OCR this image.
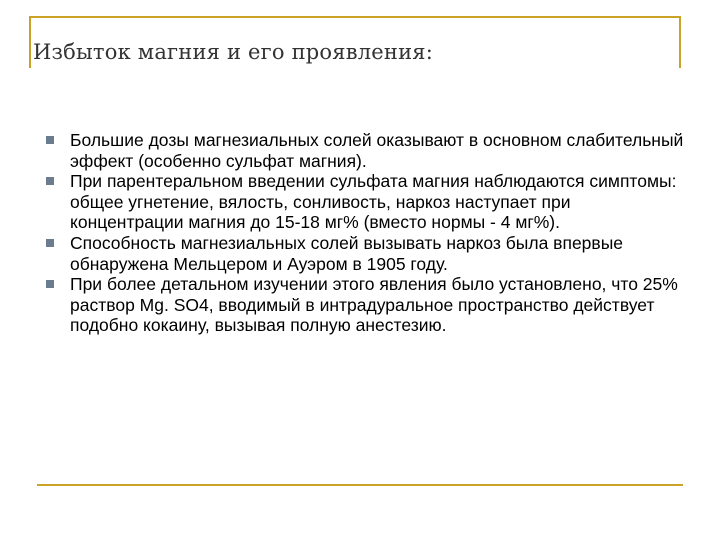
Избыток магния и его проявления:
Большие дозы магнезиальных солей оказывают в основном слабительный эффект (особенно сульфат магния).
При парентеральном введении сульфата магния наблюдаются симптомы: общее угнетение, вялость, сонливость, наркоз наступает при концентрации магния до 15-18 мг% (вместо нормы - 4 мг%).
Способность магнезиальных солей вызывать наркоз была впервые обнаружена Мельцером и Ауэром в 1905 году.
При более детальном изучении этого явления было установлено, что 25% раствор Mg. SO4, вводимый в интрадуральное пространство действует подобно кокаину, вызывая полную анестезию.
